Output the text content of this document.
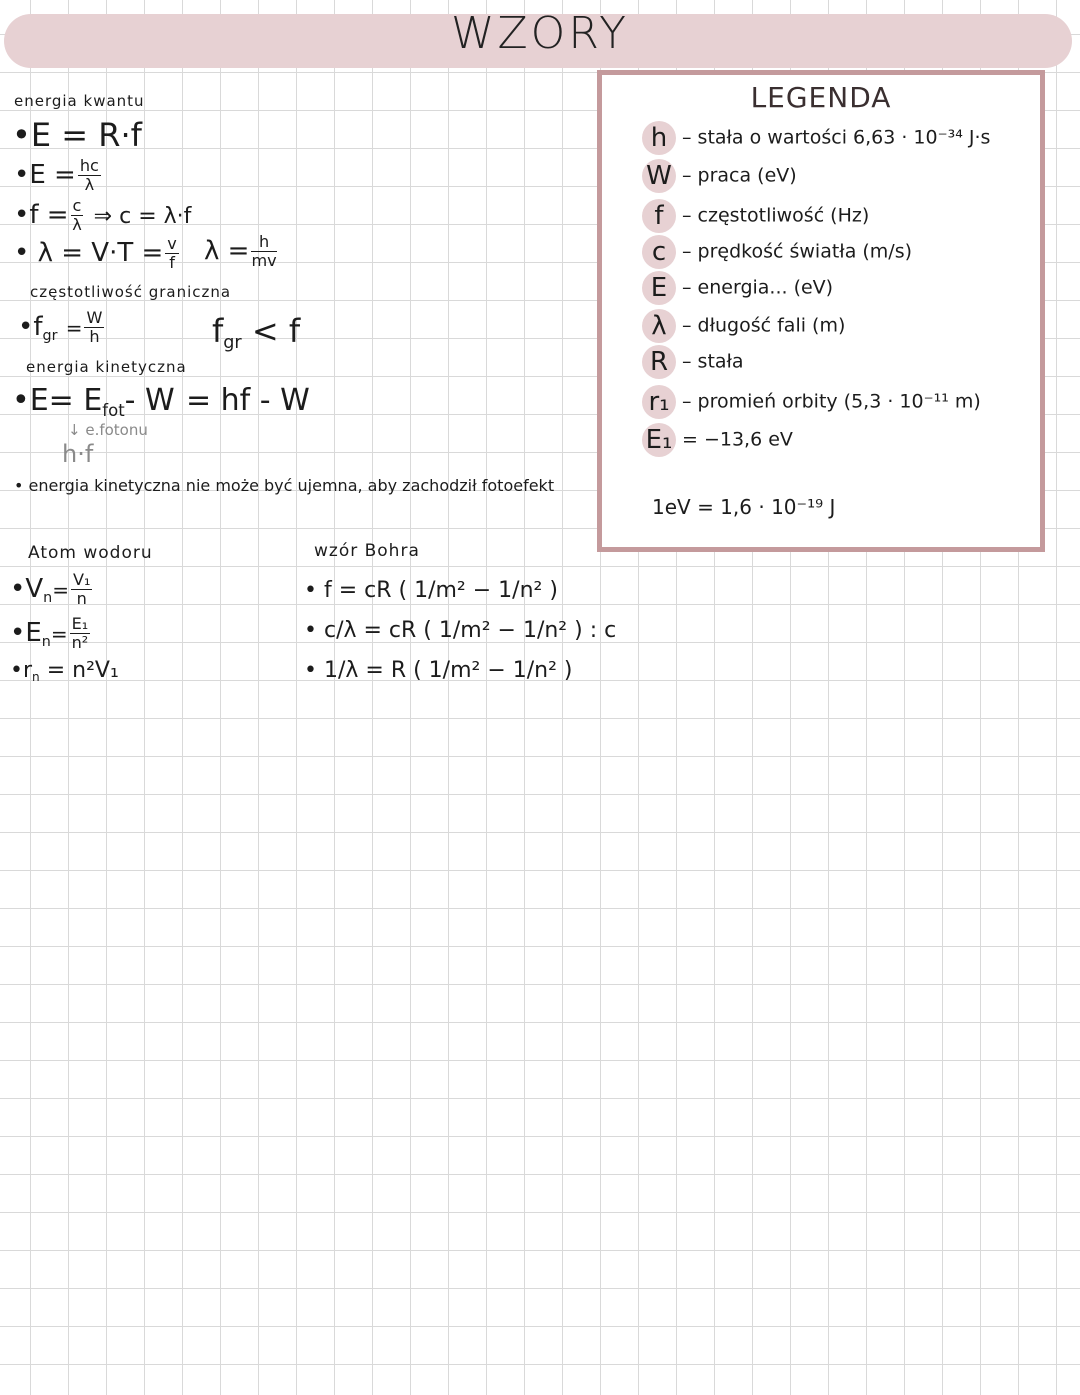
WZORY
energia kwantu
•E = R·f
•E = $\frac{hc}{\lambda}$
•f = $\frac{c}{\lambda}$ ⇒ c = λ·f
• $\lambda = V\cdot T = \frac{v}{f}$ $\lambda = \frac{h}{mv}$
częstotliwość graniczna
$•f_{gr} = \frac{W}{h}$	$f_{gr} < f$
energia kinetyczna
•E= $E_{fot}-$ W = hf - W
↓ e.fotonu
h·f
• energia kinetyczna nie może być ujemna, aby zachodził fotoefekt
Atom wodoru
$•V_n= \frac{\text{V₁}}{n}$
$•E_n= \frac{\text{E₁}}{\text{n²}}$
$•r_n = n^2V_1$
wzór Bohra
• f = cR ( 1/m² − 1/n² )
• c/λ = cR ( 1/m² − 1/n² ) : c
• 1/λ = R ( 1/m² − 1/n² )
LEGENDA
h – stała o wartości 6,63 · 10⁻³⁴ J·s
W – praca (eV)
f – częstotliwość (Hz)
c – prędkość światła (m/s)
E – energia... (eV)
λ – długość fali (m)
R – stała
r₁ – promień orbity (5,3 · 10⁻¹¹ m)
E₁ = −13,6 eV
1eV = 1,6 · 10⁻¹⁹ J
